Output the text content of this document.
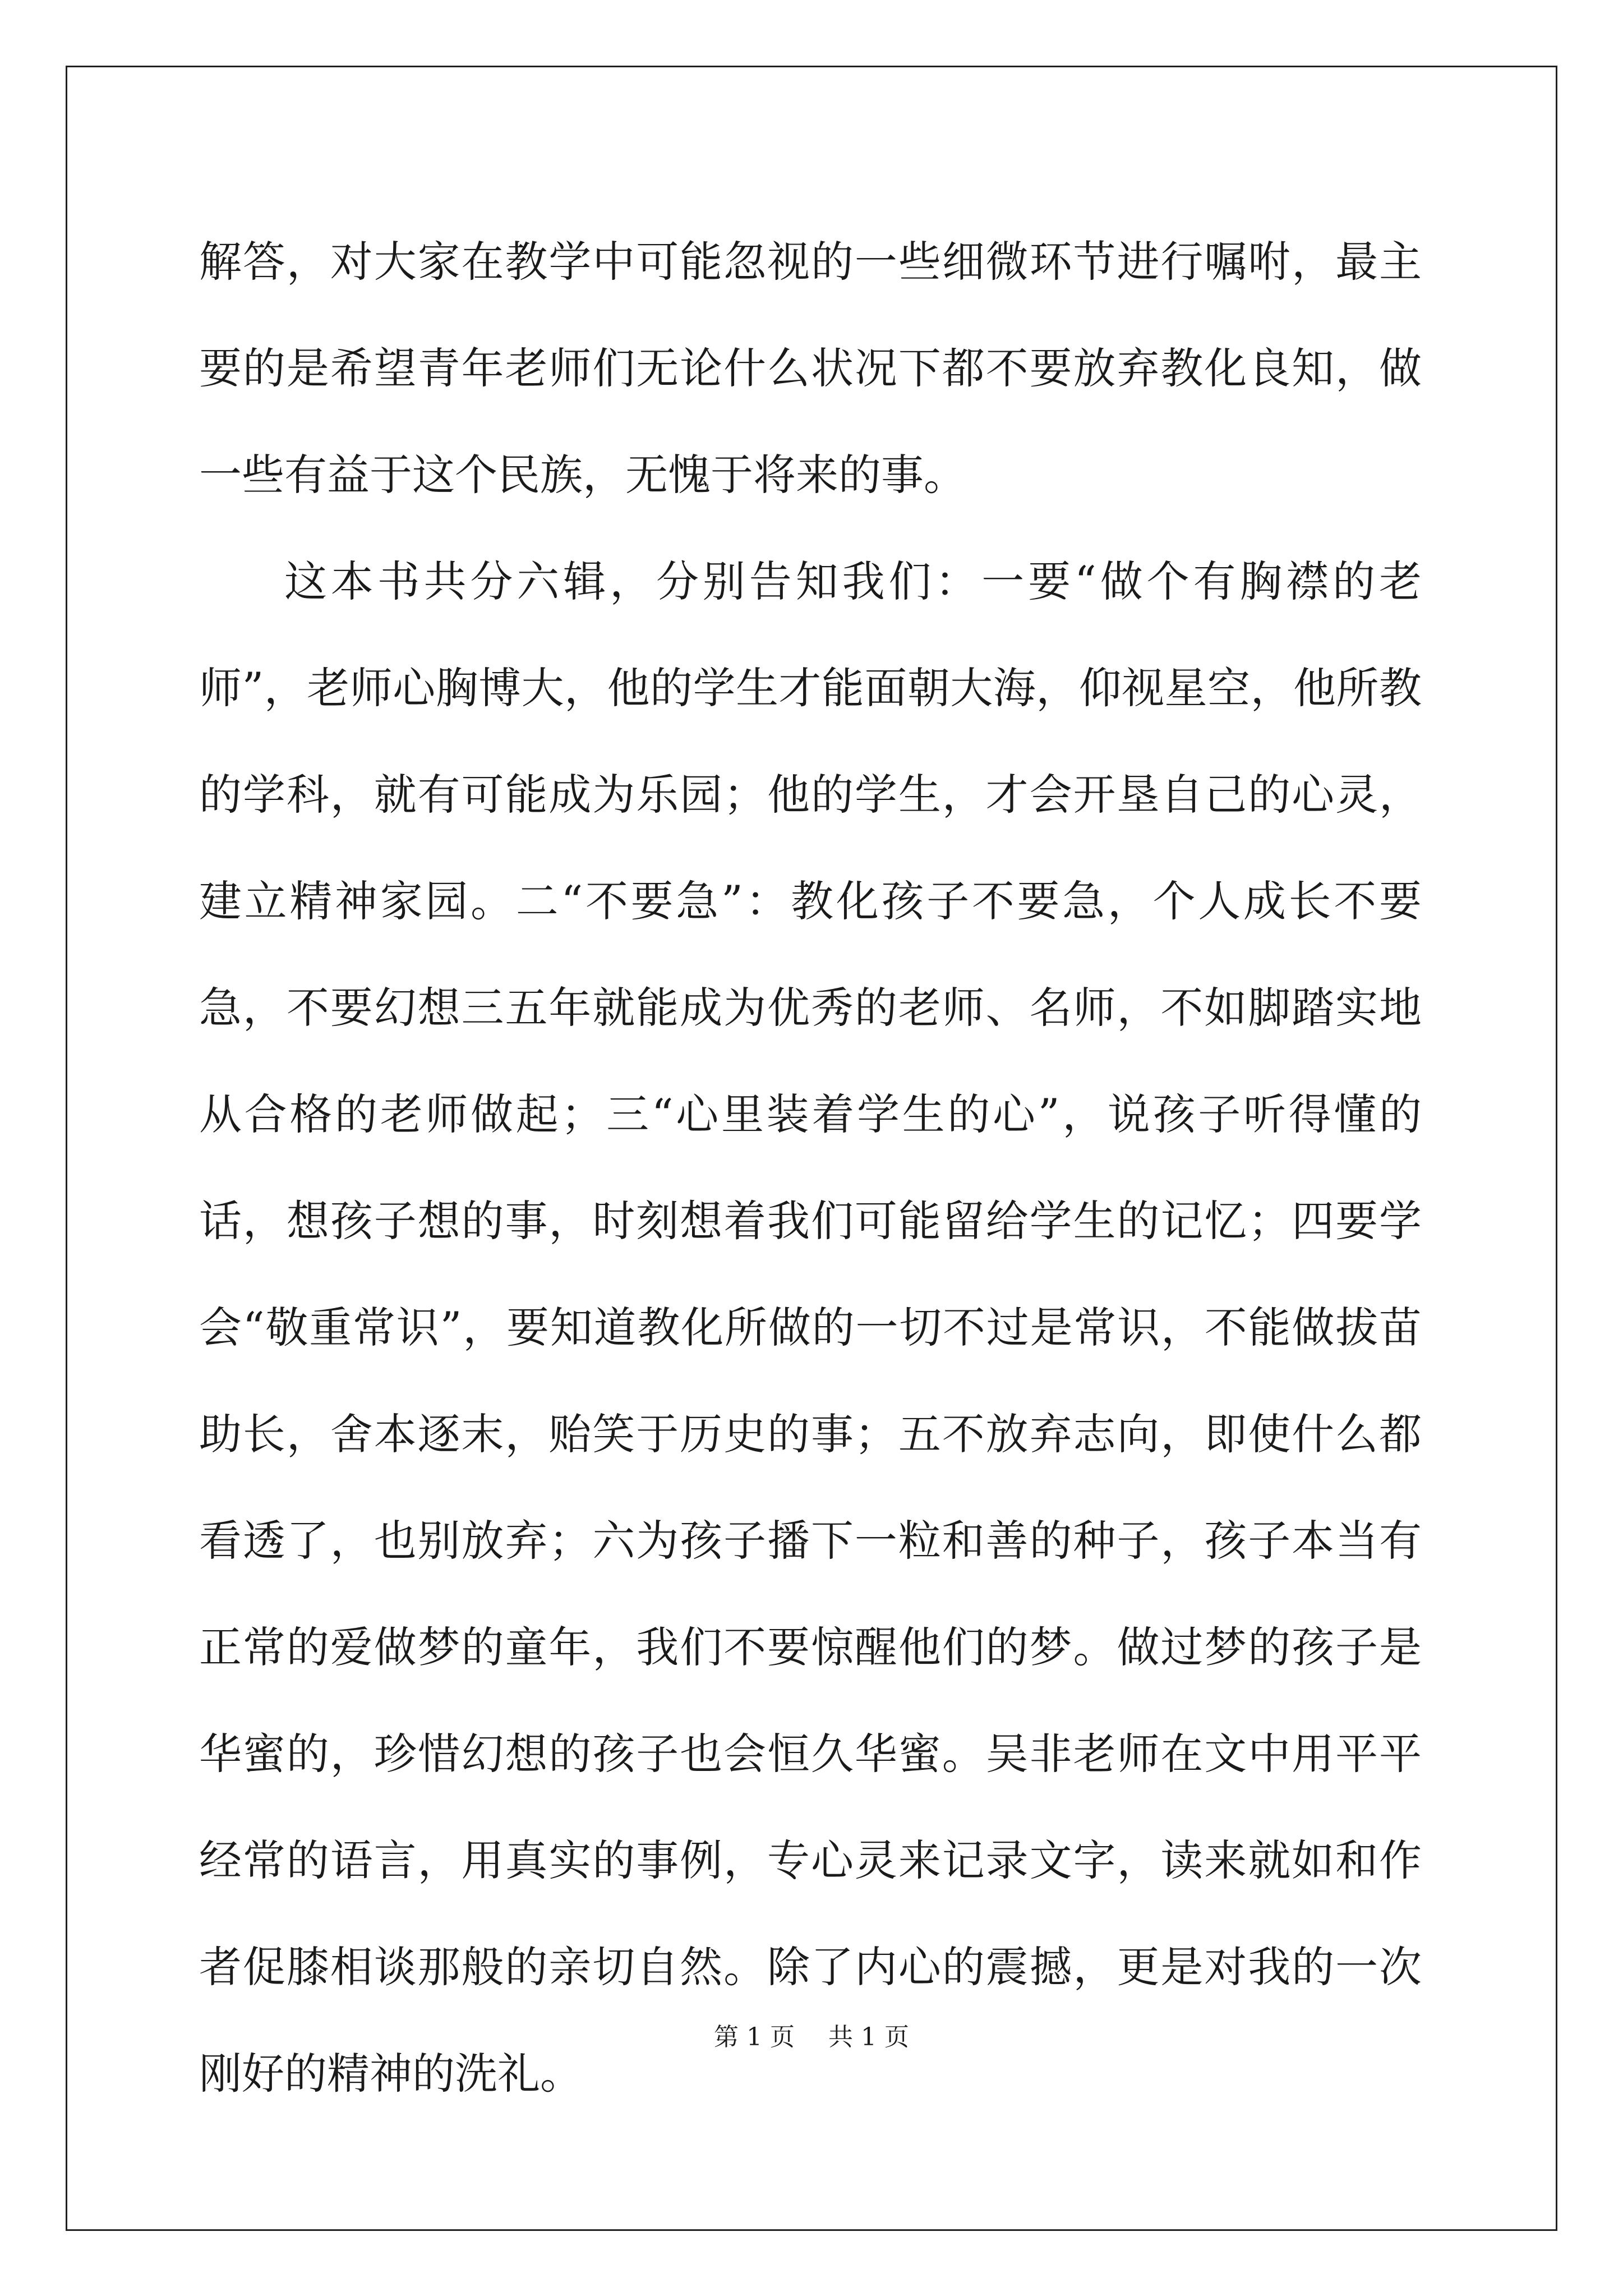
解答，对大家在教学中可能忽视的一些细微环节进行嘱咐，最主要的是希望青年老师们无论什么状况下都不要放弃教化良知，做一些有益于这个民族，无愧于将来的事。

这本书共分六辑，分别告知我们：一要“做个有胸襟的老师”，老师心胸博大，他的学生才能面朝大海，仰视星空，他所教的学科，就有可能成为乐园；他的学生，才会开垦自己的心灵，建立精神家园。二“不要急”：教化孩子不要急，个人成长不要急，不要幻想三五年就能成为优秀的老师、名师，不如脚踏实地从合格的老师做起；三“心里装着学生的心”，说孩子听得懂的话，想孩子想的事，时刻想着我们可能留给学生的记忆；四要学会“敬重常识”，要知道教化所做的一切不过是常识，不能做拔苗助长，舍本逐末，贻笑于历史的事；五不放弃志向，即使什么都看透了，也别放弃；六为孩子播下一粒和善的种子，孩子本当有正常的爱做梦的童年，我们不要惊醒他们的梦。做过梦的孩子是华蜜的，珍惜幻想的孩子也会恒久华蜜。吴非老师在文中用平平经常的语言，用真实的事例，专心灵来记录文字，读来就如和作者促膝相谈那般的亲切自然。除了内心的震撼，更是对我的一次刚好的精神的洗礼。

第 1 页 共 1 页
